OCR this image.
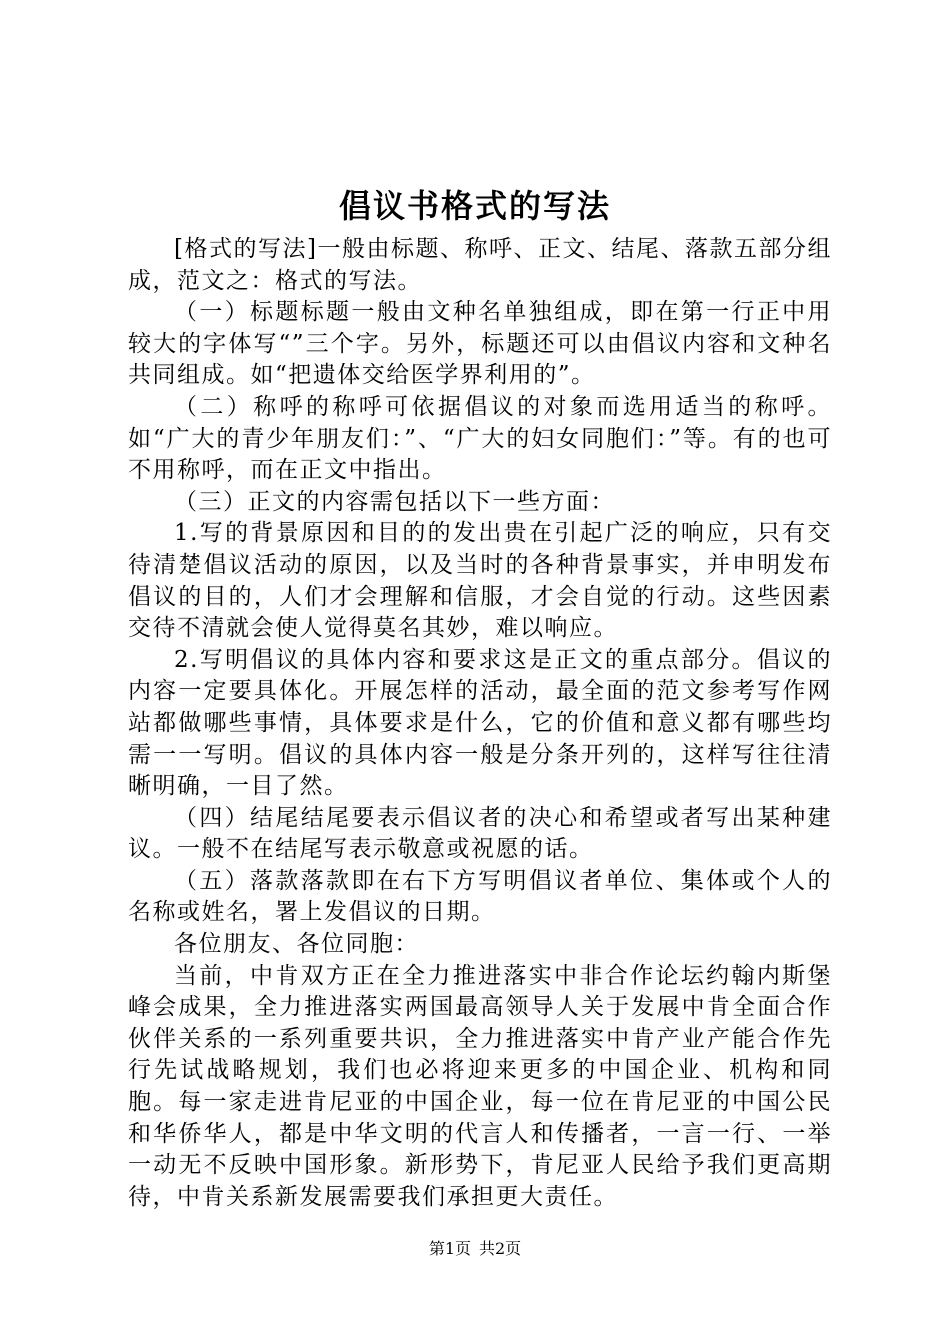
倡议书格式的写法

[格式的写法]一般由标题、称呼、正文、结尾、落款五部分组成，范文之：格式的写法。

（一）标题标题一般由文种名单独组成，即在第一行正中用较大的字体写“”三个字。另外，标题还可以由倡议内容和文种名共同组成。如“把遗体交给医学界利用的”。

（二）称呼的称呼可依据倡议的对象而选用适当的称呼。如“广大的青少年朋友们：”、“广大的妇女同胞们：”等。有的也可不用称呼，而在正文中指出。

（三）正文的内容需包括以下一些方面：

1.写的背景原因和目的的发出贵在引起广泛的响应，只有交待清楚倡议活动的原因，以及当时的各种背景事实，并申明发布倡议的目的，人们才会理解和信服，才会自觉的行动。这些因素交待不清就会使人觉得莫名其妙，难以响应。

2.写明倡议的具体内容和要求这是正文的重点部分。倡议的内容一定要具体化。开展怎样的活动，最全面的范文参考写作网站都做哪些事情，具体要求是什么，它的价值和意义都有哪些均需一一写明。倡议的具体内容一般是分条开列的，这样写往往清晰明确，一目了然。

（四）结尾结尾要表示倡议者的决心和希望或者写出某种建议。一般不在结尾写表示敬意或祝愿的话。

（五）落款落款即在右下方写明倡议者单位、集体或个人的名称或姓名，署上发倡议的日期。

各位朋友、各位同胞：

当前，中肯双方正在全力推进落实中非合作论坛约翰内斯堡峰会成果，全力推进落实两国最高领导人关于发展中肯全面合作伙伴关系的一系列重要共识，全力推进落实中肯产业产能合作先行先试战略规划，我们也必将迎来更多的中国企业、机构和同胞。每一家走进肯尼亚的中国企业，每一位在肯尼亚的中国公民和华侨华人，都是中华文明的代言人和传播者，一言一行、一举一动无不反映中国形象。新形势下，肯尼亚人民给予我们更高期待，中肯关系新发展需要我们承担更大责任。

第1页 共2页
